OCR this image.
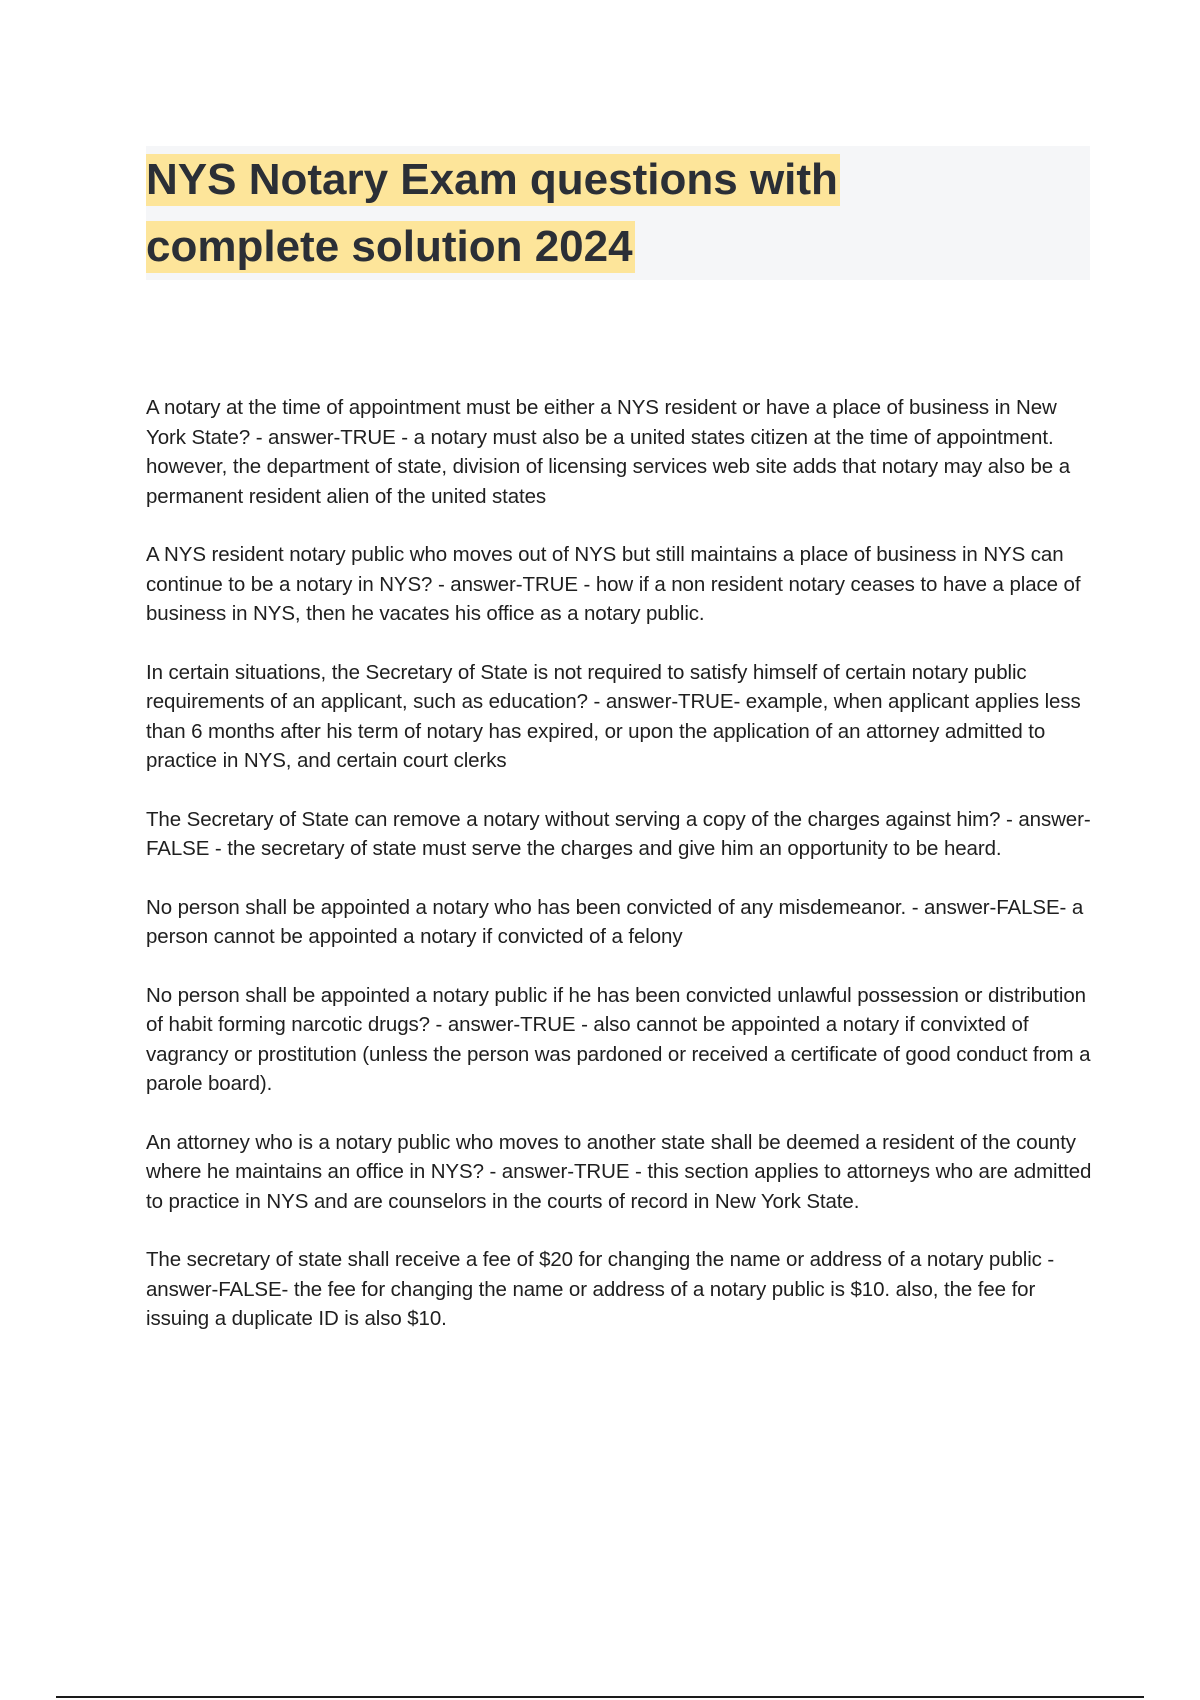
NYS Notary Exam questions with
complete solution 2024

A notary at the time of appointment must be either a NYS resident or have a place of business in New York State? - answer-TRUE - a notary must also be a united states citizen at the time of appointment. however, the department of state, division of licensing services web site adds that notary may also be a permanent resident alien of the united states

A NYS resident notary public who moves out of NYS but still maintains a place of business in NYS can continue to be a notary in NYS? - answer-TRUE - how if a non resident notary ceases to have a place of business in NYS, then he vacates his office as a notary public.

In certain situations, the Secretary of State is not required to satisfy himself of certain notary public requirements of an applicant, such as education? - answer-TRUE- example, when applicant applies less than 6 months after his term of notary has expired, or upon the application of an attorney admitted to practice in NYS, and certain court clerks

The Secretary of State can remove a notary without serving a copy of the charges against him? - answer-FALSE - the secretary of state must serve the charges and give him an opportunity to be heard.

No person shall be appointed a notary who has been convicted of any misdemeanor. - answer-FALSE- a person cannot be appointed a notary if convicted of a felony

No person shall be appointed a notary public if he has been convicted unlawful possession or distribution of habit forming narcotic drugs? - answer-TRUE - also cannot be appointed a notary if convixted of vagrancy or prostitution (unless the person was pardoned or received a certificate of good conduct from a parole board).

An attorney who is a notary public who moves to another state shall be deemed a resident of the county where he maintains an office in NYS? - answer-TRUE - this section applies to attorneys who are admitted to practice in NYS and are counselors in the courts of record in New York State.

The secretary of state shall receive a fee of $20 for changing the name or address of a notary public - answer-FALSE- the fee for changing the name or address of a notary public is $10. also, the fee for issuing a duplicate ID is also $10.
